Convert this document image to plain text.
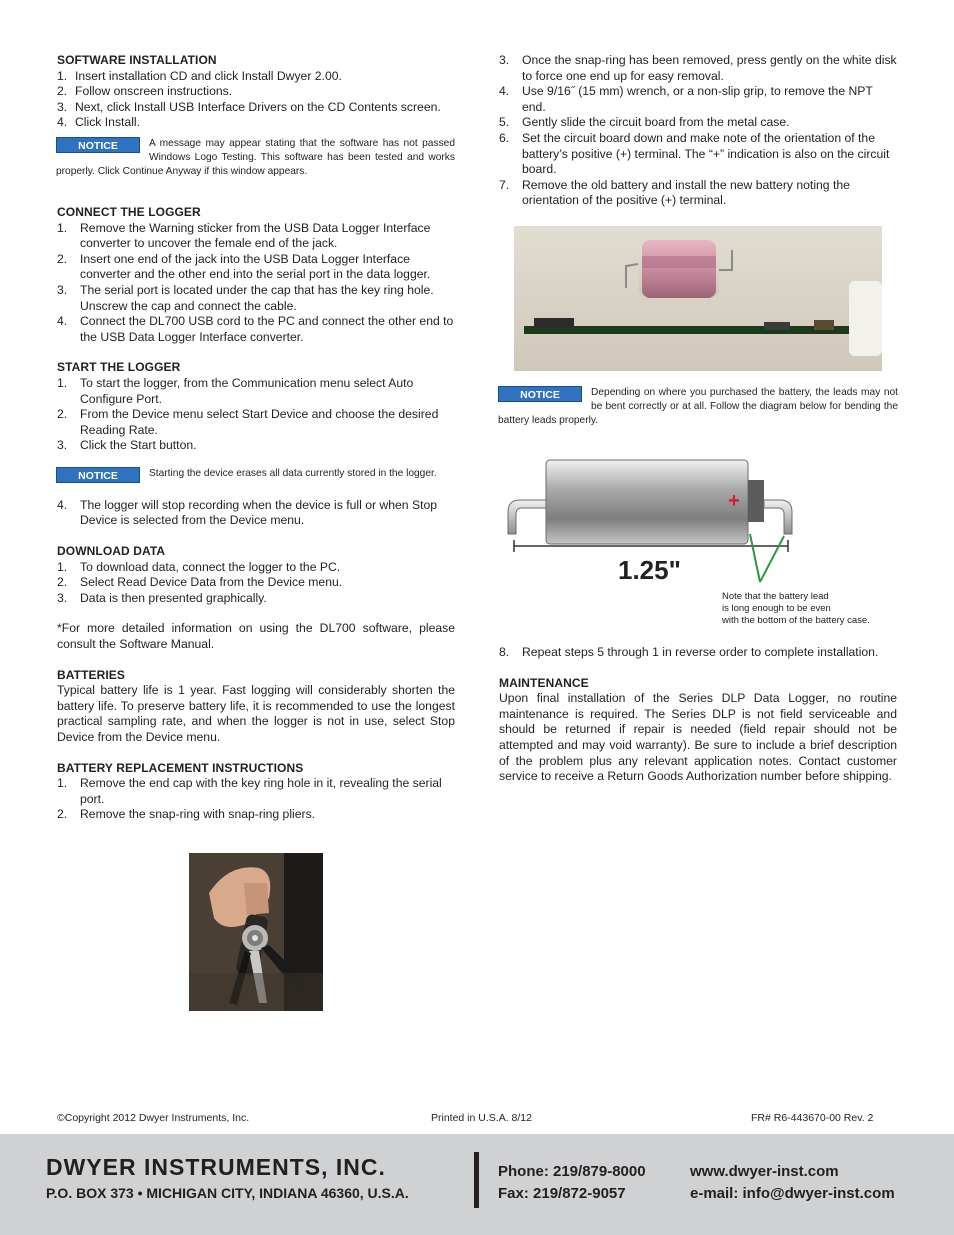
SOFTWARE INSTALLATION
1. Insert installation CD and click Install Dwyer 2.00.
2. Follow onscreen instructions.
3. Next, click Install USB Interface Drivers on the CD Contents screen.
4. Click Install.
NOTICE	A message may appear stating that the software has not passed Windows Logo Testing. This software has been tested and works properly. Click Continue Anyway if this window appears.
CONNECT THE LOGGER
1. Remove the Warning sticker from the USB Data Logger Interface converter to uncover the female end of the jack.
2. Insert one end of the jack into the USB Data Logger Interface converter and the other end into the serial port in the data logger.
3. The serial port is located under the cap that has the key ring hole. Unscrew the cap and connect the cable.
4. Connect the DL700 USB cord to the PC and connect the other end to the USB Data Logger Interface converter.
START THE LOGGER
1. To start the logger, from the Communication menu select Auto Configure Port.
2. From the Device menu select Start Device and choose the desired Reading Rate.
3. Click the Start button.
NOTICE	Starting the device erases all data currently stored in the logger.
4. The logger will stop recording when the device is full or when Stop Device is selected from the Device menu.
DOWNLOAD DATA
1. To download data, connect the logger to the PC.
2. Select Read Device Data from the Device menu.
3. Data is then presented graphically.

*For more detailed information on using the DL700 software, please consult the Software Manual.

BATTERIES

Typical battery life is 1 year. Fast logging will considerably shorten the battery life. To preserve battery life, it is recommended to use the longest practical sampling rate, and when the logger is not in use, select Stop Device from the Device menu.

BATTERY REPLACEMENT INSTRUCTIONS
1. Remove the end cap with the key ring hole in it, revealing the serial port.
2. Remove the snap-ring with snap-ring pliers.
3. Once the snap-ring has been removed, press gently on the white disk to force one end up for easy removal.
4. Use 9/16˝ (15 mm) wrench, or a non-slip grip, to remove the NPT end.
5. Gently slide the circuit board from the metal case.
6. Set the circuit board down and make note of the orientation of the battery’s positive (+) terminal. The “+” indication is also on the circuit board.
7. Remove the old battery and install the new battery noting the orientation of the positive (+) terminal.
NOTICE	Depending on where you purchased the battery, the leads may not be bent correctly or at all. Follow the diagram below for bending the battery leads properly.
+
1.25"
Note that the battery lead
is long enough to be even
with the bottom of the battery case.
8. Repeat steps 5 through 1 in reverse order to complete installation.
MAINTENANCE

Upon final installation of the Series DLP Data Logger, no routine maintenance is required. The Series DLP is not field serviceable and should be returned if repair is needed (field repair should not be attempted and may void warranty). Be sure to include a brief description of the problem plus any relevant application notes. Contact customer service to receive a Return Goods Authorization number before shipping.

©Copyright 2012 Dwyer Instruments, Inc.	Printed in U.S.A. 8/12	FR# R6-443670-00 Rev. 2
DWYER INSTRUMENTS, INC.
P.O. BOX 373 • MICHIGAN CITY, INDIANA 46360, U.S.A.
Phone: 219/879-8000
Fax: 219/872-9057
www.dwyer-inst.com
e-mail: info@dwyer-inst.com
